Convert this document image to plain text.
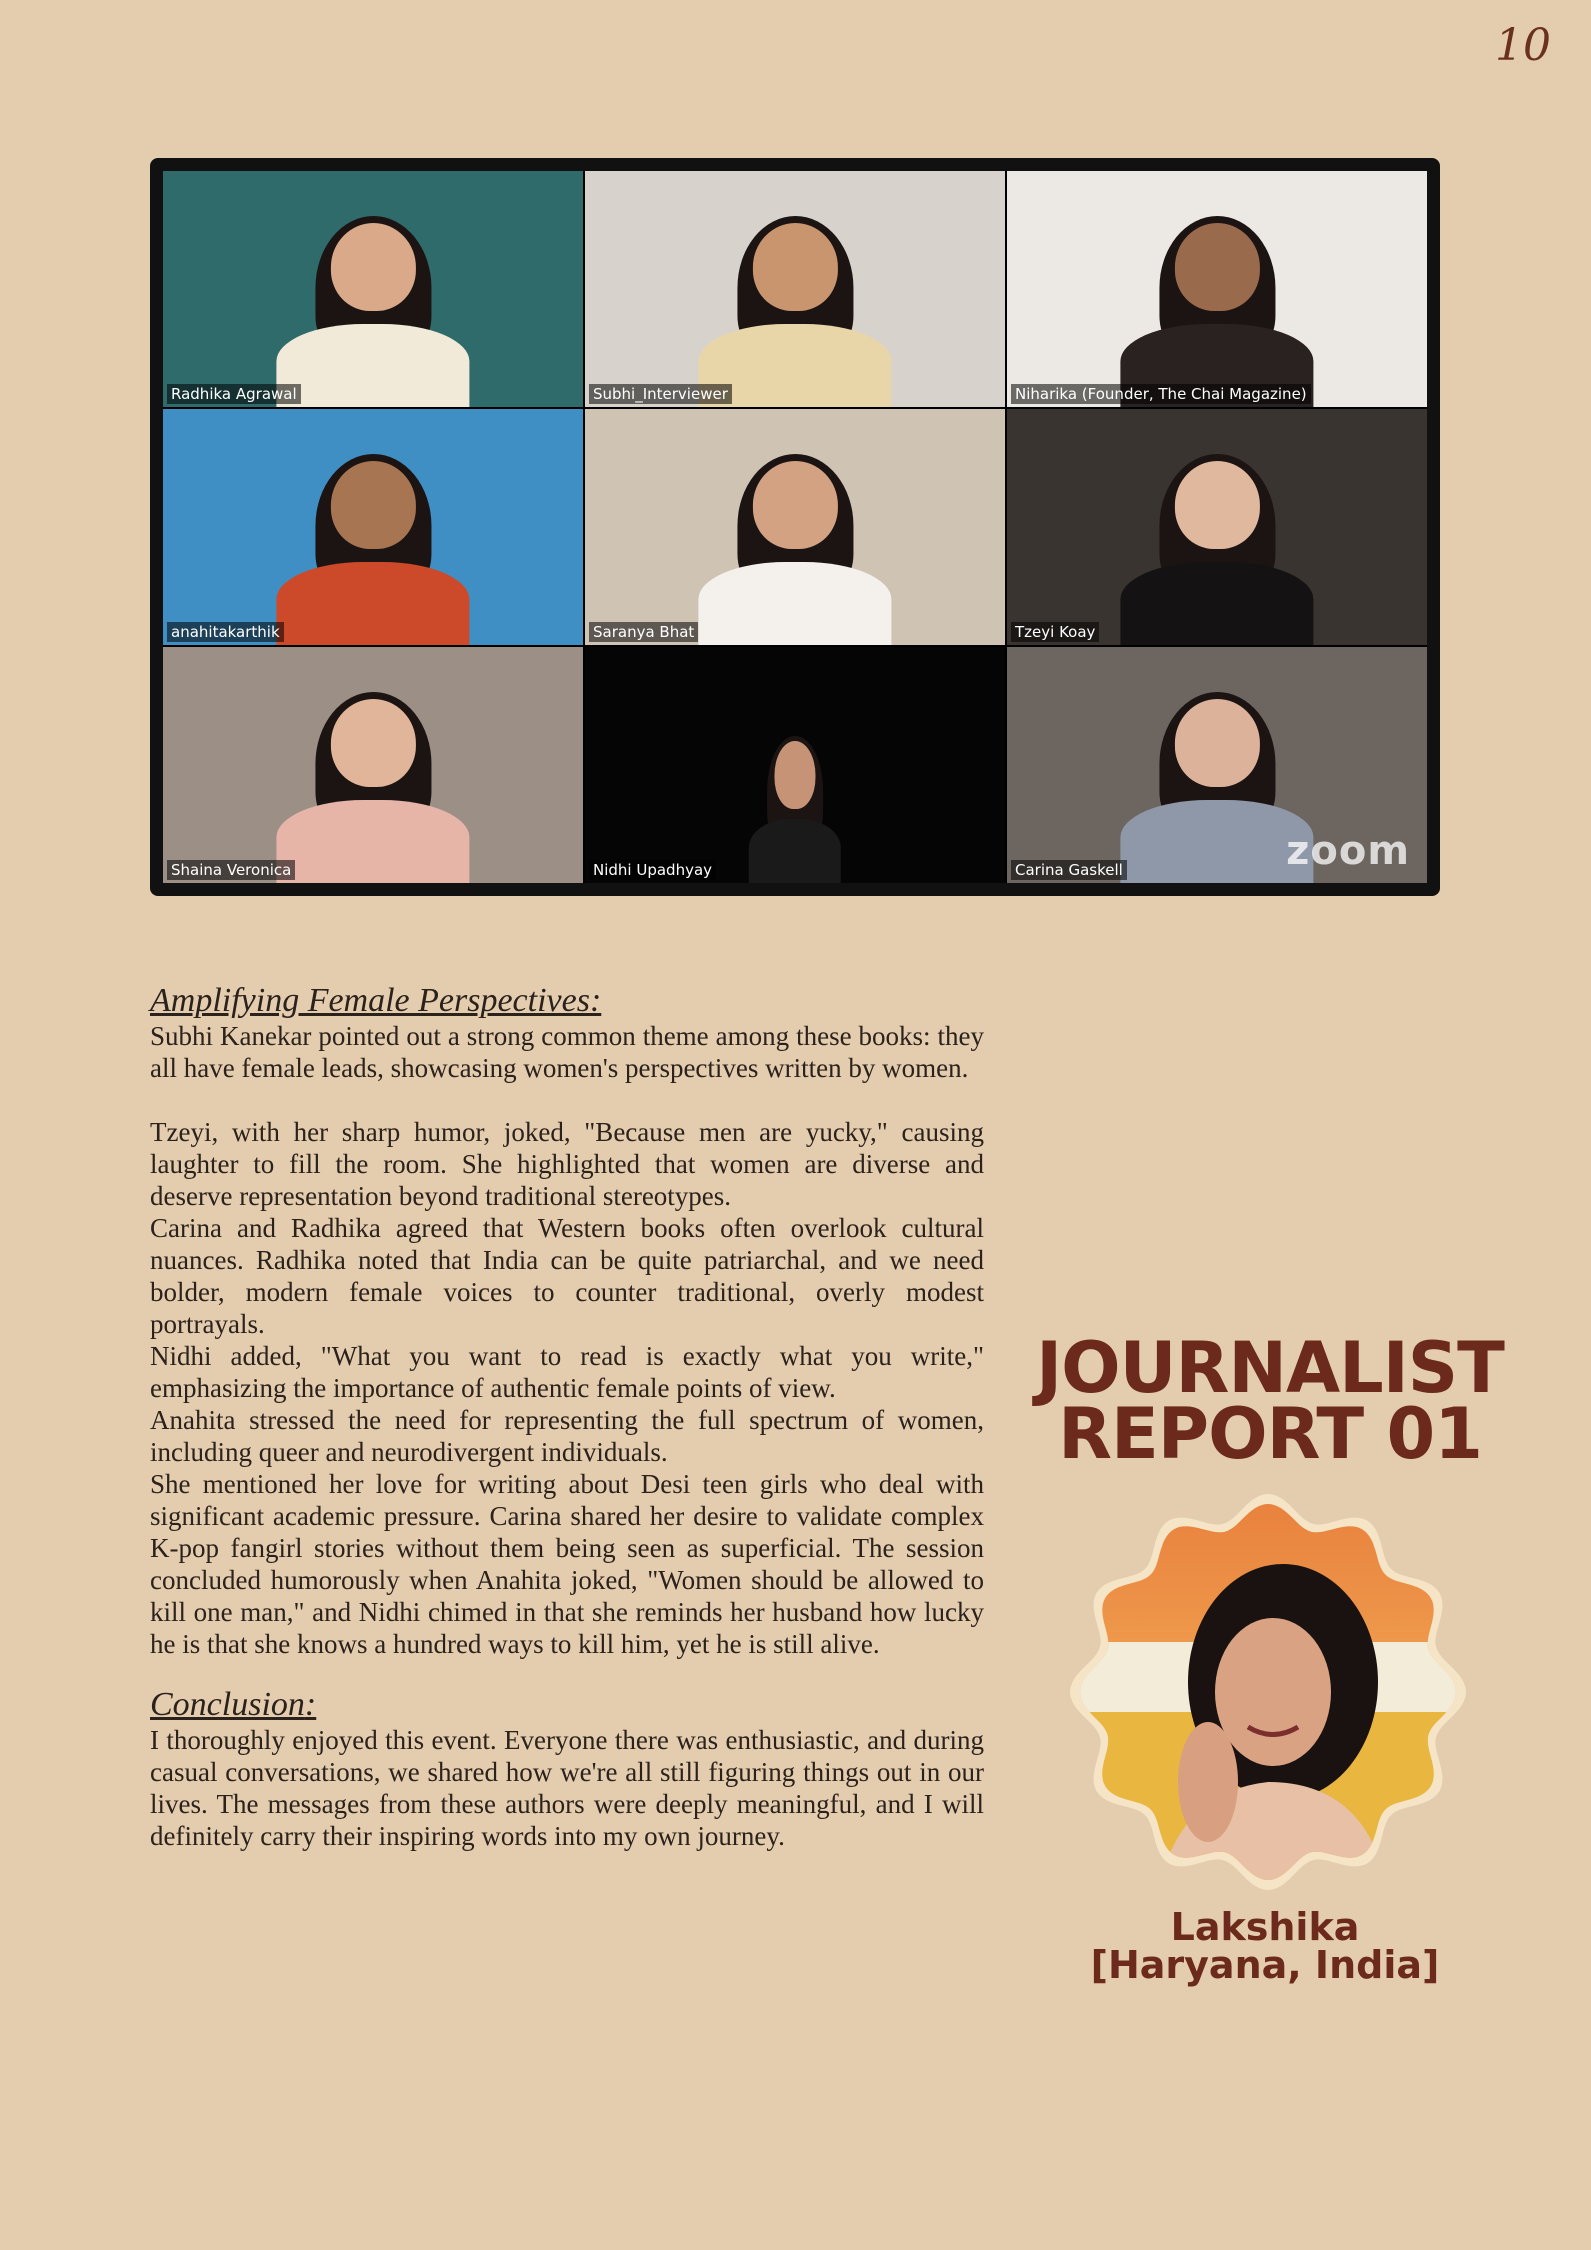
10
Radhika Agrawal	Subhi_Interviewer	Niharika (Founder, The Chai Magazine)
anahitakarthik	Saranya Bhat	Tzeyi Koay
Shaina Veronica	Nidhi Upadhyay	Carina Gaskell	zoom
Amplifying Female Perspectives:

Subhi Kanekar pointed out a strong common theme among these books: they all have female leads, showcasing women's perspectives written by women.

Tzeyi, with her sharp humor, joked, "Because men are yucky," causing laughter to fill the room. She highlighted that women are diverse and deserve representation beyond traditional stereotypes.

Carina and Radhika agreed that Western books often overlook cultural nuances. Radhika noted that India can be quite patriarchal, and we need bolder, modern female voices to counter traditional, overly modest portrayals.

Nidhi added, "What you want to read is exactly what you write," emphasizing the importance of authentic female points of view.

Anahita stressed the need for representing the full spectrum of women, including queer and neurodivergent individuals.

She mentioned her love for writing about Desi teen girls who deal with significant academic pressure. Carina shared her desire to validate complex K-pop fangirl stories without them being seen as superficial. The session concluded humorously when Anahita joked, "Women should be allowed to kill one man," and Nidhi chimed in that she reminds her husband how lucky he is that she knows a hundred ways to kill him, yet he is still alive.

Conclusion:

I thoroughly enjoyed this event. Everyone there was enthusiastic, and during casual conversations, we shared how we're all still figuring things out in our lives. The messages from these authors were deeply meaningful, and I will definitely carry their inspiring words into my own journey.

JOURNALIST
REPORT 01
Lakshika
[Haryana, India]
